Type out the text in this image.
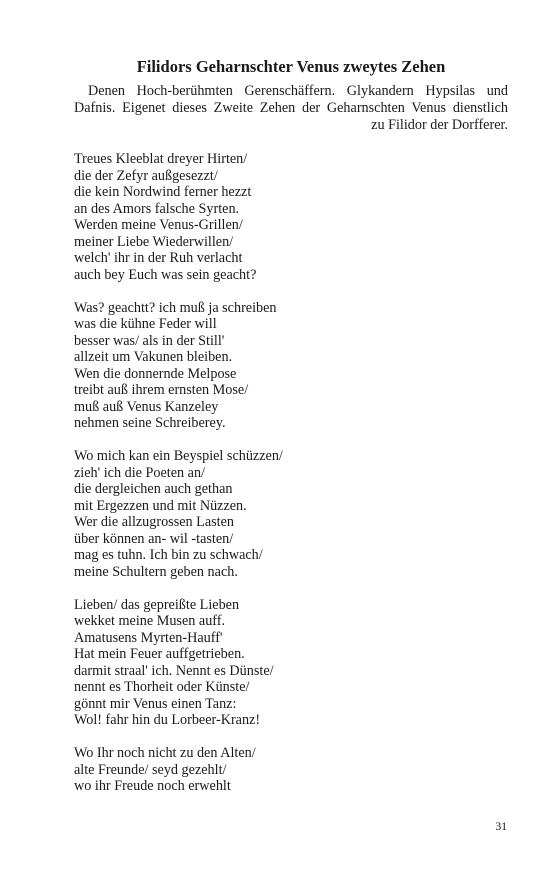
Filidors Geharnschter Venus zweytes Zehen

Denen Hoch-berühmten Gerenschäffern. Glykandern Hypsilas und
Dafnis. Eigenet dieses Zweite Zehen der Geharnschten Venus dienstlich
zu Filidor der Dorfferer.

Treues Kleeblat dreyer Hirten/
die der Zefyr außgesezzt/
die kein Nordwind ferner hezzt
an des Amors falsche Syrten.
Werden meine Venus-Grillen/
meiner Liebe Wiederwillen/
welch' ihr in der Ruh verlacht
auch bey Euch was sein geacht?
Was? geachtt? ich muß ja schreiben
was die kühne Feder will
besser was/ als in der Still'
allzeit um Vakunen bleiben.
Wen die donnernde Melpose
treibt auß ihrem ernsten Mose/
muß auß Venus Kanzeley
nehmen seine Schreiberey.
Wo mich kan ein Beyspiel schüzzen/
zieh' ich die Poeten an/
die dergleichen auch gethan
mit Ergezzen und mit Nüzzen.
Wer die allzugrossen Lasten
über können an- wil -tasten/
mag es tuhn. Ich bin zu schwach/
meine Schultern geben nach.
Lieben/ das gepreißte Lieben
wekket meine Musen auff.
Amatusens Myrten-Hauff'
Hat mein Feuer auffgetrieben.
darmit straal' ich. Nennt es Dünste/
nennt es Thorheit oder Künste/
gönnt mir Venus einen Tanz:
Wol! fahr hin du Lorbeer-Kranz!
Wo Ihr noch nicht zu den Alten/
alte Freunde/ seyd gezehlt/
wo ihr Freude noch erwehlt
31
